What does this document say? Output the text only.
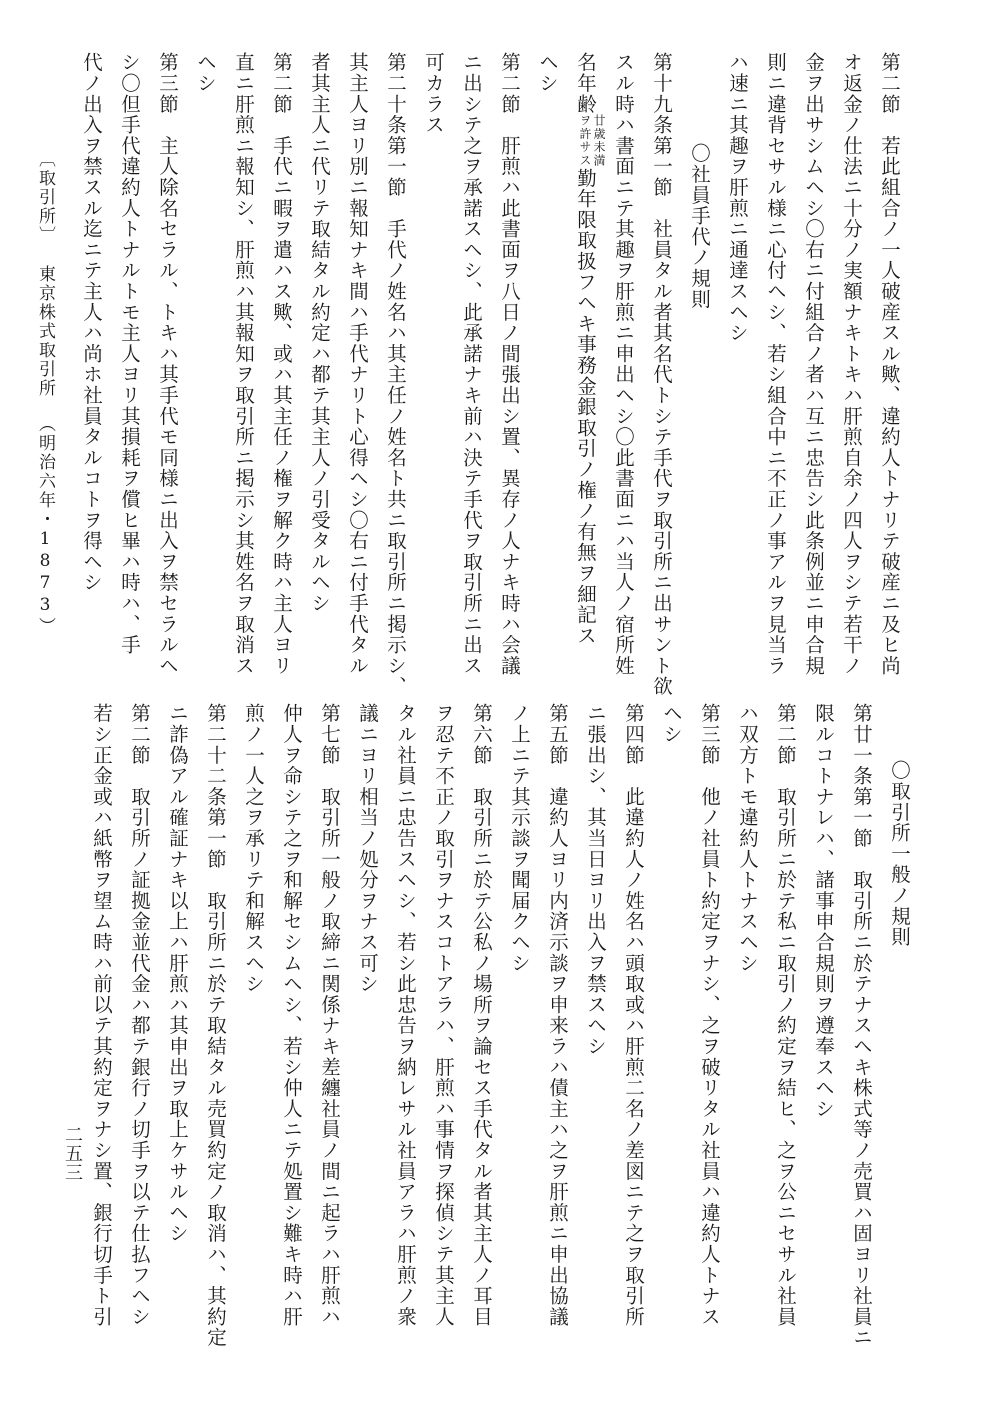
第二節　若此組合ノ一人破産スル歟、違約人トナリテ破産ニ及ヒ尚
オ返金ノ仕法ニ十分ノ実額ナキトキハ肝煎自余ノ四人ヲシテ若干ノ
金ヲ出サシムヘシ〇右ニ付組合ノ者ハ互ニ忠告シ此条例並ニ申合規
則ニ違背セサル様ニ心付ヘシ、若シ組合中ニ不正ノ事アルヲ見当ラ
ハ速ニ其趣ヲ肝煎ニ通達スヘシ
〇社員手代ノ規則
第十九条第一節　社員タル者其名代トシテ手代ヲ取引所ニ出サント欲
スル時ハ書面ニテ其趣ヲ肝煎ニ申出ヘシ〇此書面ニハ当人ノ宿所姓
名年齢廿歳未満
ヲ許サス勤年限取扱フヘキ事務金銀取引ノ権ノ有無ヲ細記ス
ヘシ
第二節　肝煎ハ此書面ヲ八日ノ間張出シ置、異存ノ人ナキ時ハ会議
ニ出シテ之ヲ承諾スヘシ、此承諾ナキ前ハ決テ手代ヲ取引所ニ出ス
可カラス
第二十条第一節　手代ノ姓名ハ其主任ノ姓名ト共ニ取引所ニ掲示シ、
其主人ヨリ別ニ報知ナキ間ハ手代ナリト心得ヘシ〇右ニ付手代タル
者其主人ニ代リテ取結タル約定ハ都テ其主人ノ引受タルヘシ
第二節　手代ニ暇ヲ遣ハス歟、或ハ其主任ノ権ヲ解ク時ハ主人ヨリ
直ニ肝煎ニ報知シ、肝煎ハ其報知ヲ取引所ニ掲示シ其姓名ヲ取消ス
ヘシ
第三節　主人除名セラル、トキハ其手代モ同様ニ出入ヲ禁セラルヘ
シ〇但手代違約人トナルトモ主人ヨリ其損耗ヲ償ヒ畢ハ時ハ、手
代ノ出入ヲ禁スル迄ニテ主人ハ尚ホ社員タルコトヲ得ヘシ
〔取引所〕
東京株式取引所
（明治六年・1873）
〇取引所一般ノ規則
第廿一条第一節　取引所ニ於テナスヘキ株式等ノ売買ハ固ヨリ社員ニ
限ルコトナレハ、諸事申合規則ヲ遵奉スヘシ
第二節　取引所ニ於テ私ニ取引ノ約定ヲ結ヒ、之ヲ公ニセサル社員
ハ双方トモ違約人トナスヘシ
第三節　他ノ社員ト約定ヲナシ、之ヲ破リタル社員ハ違約人トナス
ヘシ
第四節　此違約人ノ姓名ハ頭取或ハ肝煎二名ノ差図ニテ之ヲ取引所
ニ張出シ、其当日ヨリ出入ヲ禁スヘシ
第五節　違約人ヨリ内済示談ヲ申来ラハ債主ハ之ヲ肝煎ニ申出協議
ノ上ニテ其示談ヲ聞届クヘシ
第六節　取引所ニ於テ公私ノ場所ヲ論セス手代タル者其主人ノ耳目
ヲ忍テ不正ノ取引ヲナスコトアラハ、肝煎ハ事情ヲ探偵シテ其主人
タル社員ニ忠告スヘシ、若シ此忠告ヲ納レサル社員アラハ肝煎ノ衆
議ニヨリ相当ノ処分ヲナス可シ
第七節　取引所一般ノ取締ニ関係ナキ差纏社員ノ間ニ起ラハ肝煎ハ
仲人ヲ命シテ之ヲ和解セシムヘシ、若シ仲人ニテ処置シ難キ時ハ肝
煎ノ一人之ヲ承リテ和解スヘシ
第二十二条第一節　取引所ニ於テ取結タル売買約定ノ取消ハ、其約定
ニ詐偽アル確証ナキ以上ハ肝煎ハ其申出ヲ取上ケサルヘシ
第二節　取引所ノ証拠金並代金ハ都テ銀行ノ切手ヲ以テ仕払フヘシ
若シ正金或ハ紙幣ヲ望ム時ハ前以テ其約定ヲナシ置、銀行切手ト引
二五三
